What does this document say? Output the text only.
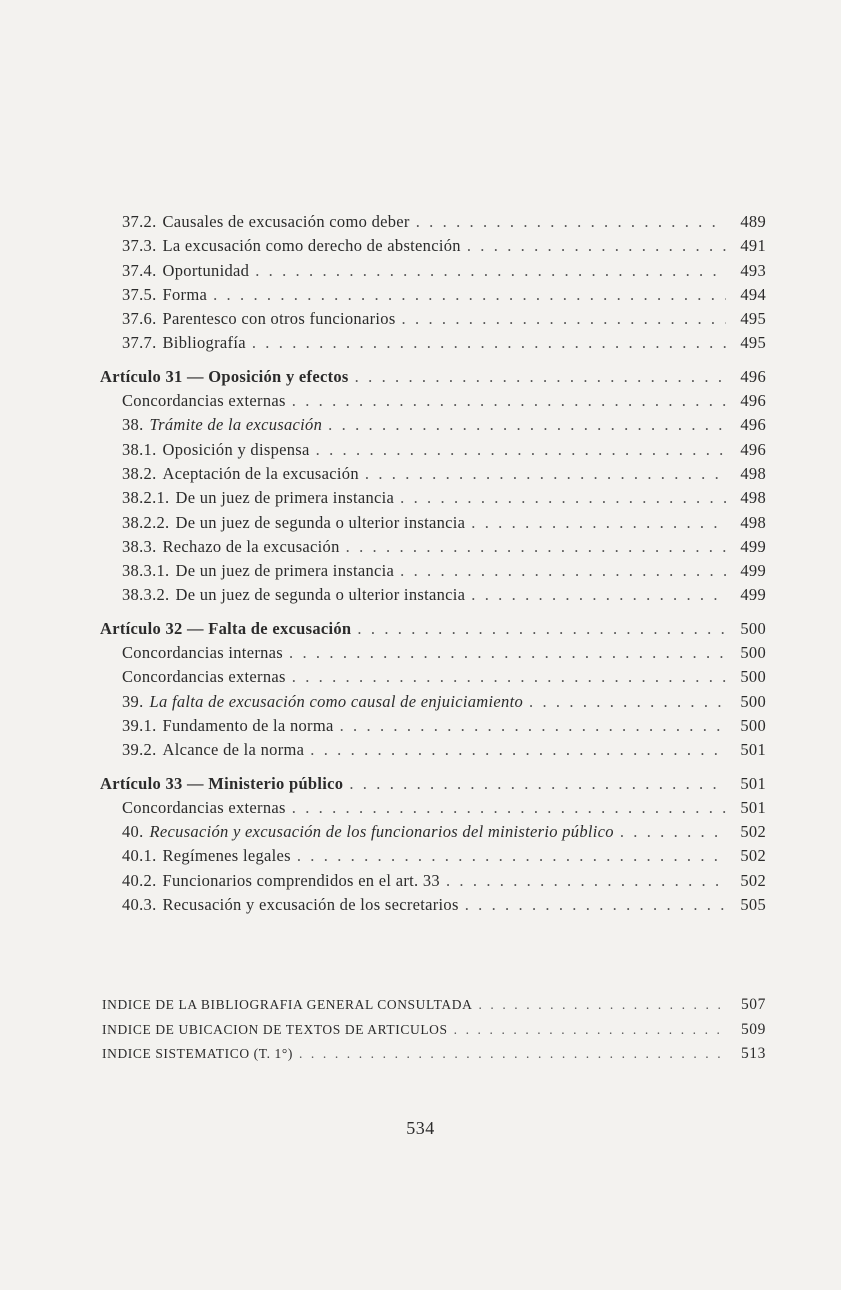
37.2. Causales de excusación como deber . . .	489
37.3. La excusación como derecho de abstención . . .	491
37.4. Oportunidad . . .	493
37.5. Forma . . .	494
37.6. Parentesco con otros funcionarios . . .	495
37.7. Bibliografía . . .	495
Artículo 31 — Oposición y efectos . . .	496
Concordancias externas . . .	496
38. Trámite de la excusación . . .	496
38.1. Oposición y dispensa . . .	496
38.2. Aceptación de la excusación . . .	498
38.2.1. De un juez de primera instancia . . .	498
38.2.2. De un juez de segunda o ulterior instancia . . .	498
38.3. Rechazo de la excusación . . .	499
38.3.1. De un juez de primera instancia . . .	499
38.3.2. De un juez de segunda o ulterior instancia . . .	499
Artículo 32 — Falta de excusación . . .	500
Concordancias internas . . .	500
Concordancias externas . . .	500
39. La falta de excusación como causal de enjuiciamiento . . .	500
39.1. Fundamento de la norma . . .	500
39.2. Alcance de la norma . . .	501
Artículo 33 — Ministerio público . . .	501
Concordancias externas . . .	501
40. Recusación y excusación de los funcionarios del ministerio público . . .	502
40.1. Regímenes legales . . .	502
40.2. Funcionarios comprendidos en el art. 33 . . .	502
40.3. Recusación y excusación de los secretarios . . .	505
INDICE DE LA BIBLIOGRAFIA GENERAL CONSULTADA . . .	507
INDICE DE UBICACION DE TEXTOS DE ARTICULOS . . .	509
INDICE SISTEMATICO (T. 1°) . . .	513
534
